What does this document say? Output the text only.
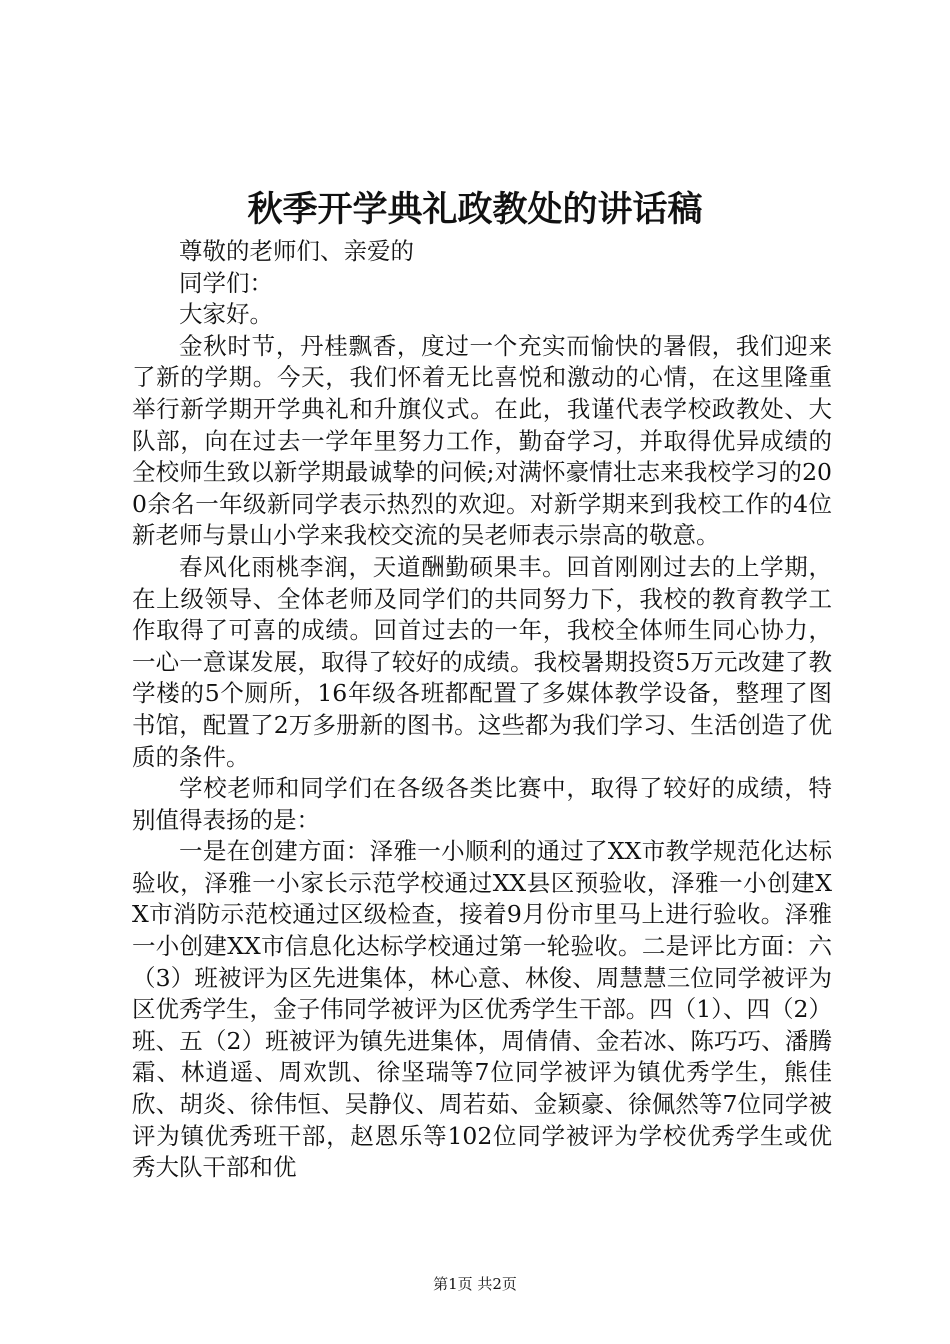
秋季开学典礼政教处的讲话稿

尊敬的老师们、亲爱的

同学们：

大家好。

金秋时节，丹桂飘香，度过一个充实而愉快的暑假，我们迎来了新的学期。今天，我们怀着无比喜悦和激动的心情，在这里隆重举行新学期开学典礼和升旗仪式。在此，我谨代表学校政教处、大队部，向在过去一学年里努力工作，勤奋学习，并取得优异成绩的全校师生致以新学期最诚挚的问候;对满怀豪情壮志来我校学习的200余名一年级新同学表示热烈的欢迎。对新学期来到我校工作的4位新老师与景山小学来我校交流的吴老师表示崇高的敬意。

春风化雨桃李润，天道酬勤硕果丰。回首刚刚过去的上学期，在上级领导、全体老师及同学们的共同努力下，我校的教育教学工作取得了可喜的成绩。回首过去的一年，我校全体师生同心协力，一心一意谋发展，取得了较好的成绩。我校暑期投资5万元改建了教学楼的5个厕所，16年级各班都配置了多媒体教学设备，整理了图书馆，配置了2万多册新的图书。这些都为我们学习、生活创造了优质的条件。

学校老师和同学们在各级各类比赛中，取得了较好的成绩，特别值得表扬的是：

一是在创建方面：泽雅一小顺利的通过了XX市教学规范化达标验收，泽雅一小家长示范学校通过XX县区预验收，泽雅一小创建XX市消防示范校通过区级检查，接着9月份市里马上进行验收。泽雅一小创建XX市信息化达标学校通过第一轮验收。二是评比方面：六（3）班被评为区先进集体，林心意、林俊、周慧慧三位同学被评为区优秀学生，金子伟同学被评为区优秀学生干部。四（1）、四（2）班、五（2）班被评为镇先进集体，周倩倩、金若冰、陈巧巧、潘腾霜、林逍遥、周欢凯、徐坚瑞等7位同学被评为镇优秀学生，熊佳欣、胡炎、徐伟恒、吴静仪、周若茹、金颖豪、徐佩然等7位同学被评为镇优秀班干部，赵恩乐等102位同学被评为学校优秀学生或优秀大队干部和优

第1页 共2页
